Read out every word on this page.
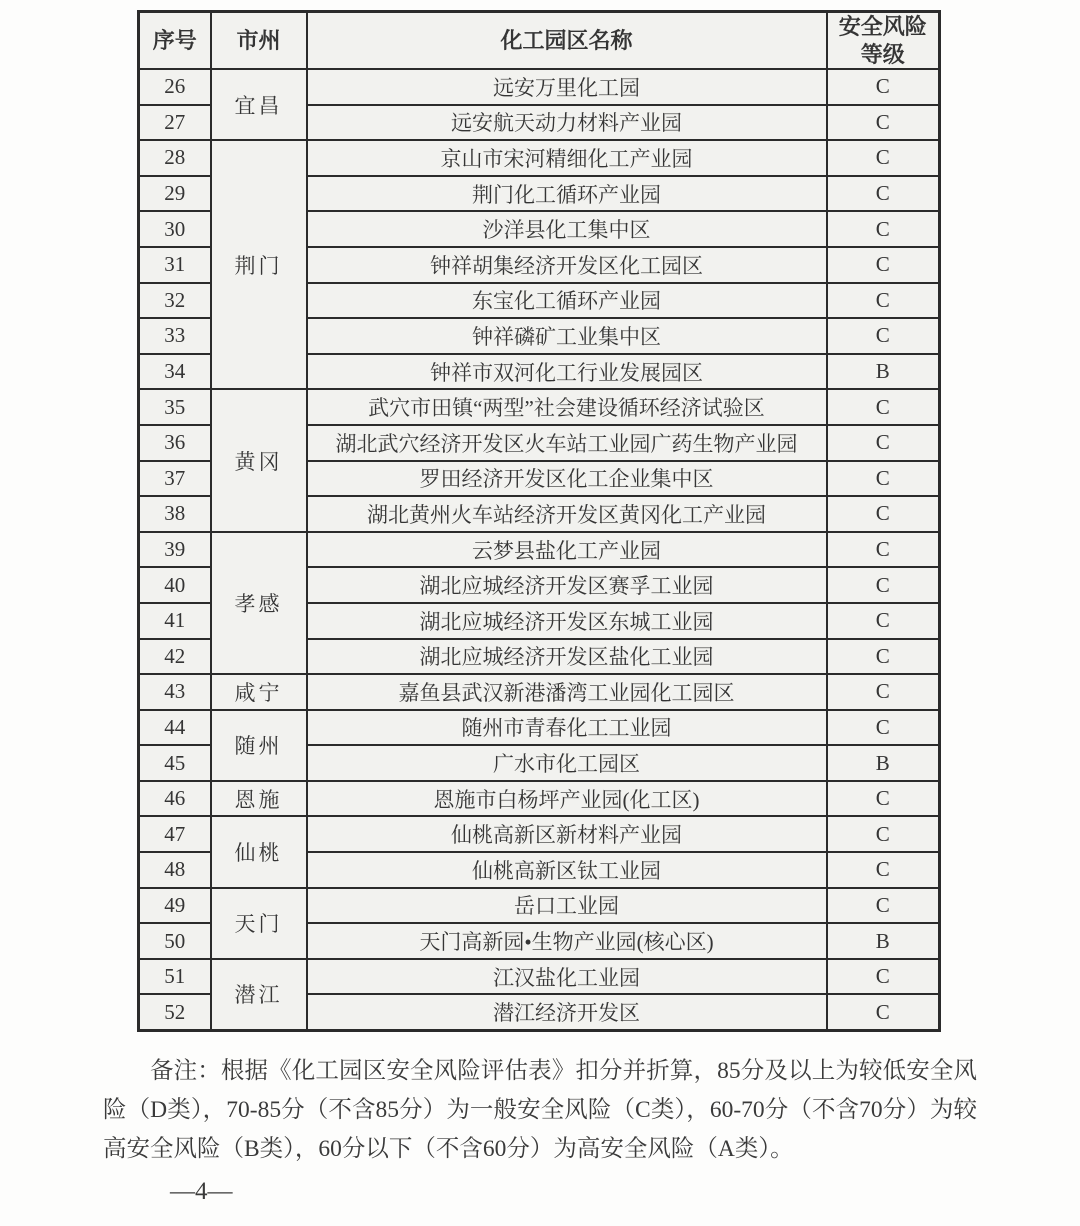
序号	市州	化工园区名称	安全风险等级
26	宜昌	远安万里化工园	C
27		远安航天动力材料产业园	C
28	荆门	京山市宋河精细化工产业园	C
29		荆门化工循环产业园	C
30		沙洋县化工集中区	C
31		钟祥胡集经济开发区化工园区	C
32		东宝化工循环产业园	C
33		钟祥磷矿工业集中区	C
34		钟祥市双河化工行业发展园区	B
35	黄冈	武穴市田镇“两型”社会建设循环经济试验区	C
36		湖北武穴经济开发区火车站工业园广药生物产业园	C
37		罗田经济开发区化工企业集中区	C
38		湖北黄州火车站经济开发区黄冈化工产业园	C
39	孝感	云梦县盐化工产业园	C
40		湖北应城经济开发区赛孚工业园	C
41		湖北应城经济开发区东城工业园	C
42		湖北应城经济开发区盐化工业园	C
43	咸宁	嘉鱼县武汉新港潘湾工业园化工园区	C
44	随州	随州市青春化工工业园	C
45		广水市化工园区	B
46	恩施	恩施市白杨坪产业园(化工区)	C
47	仙桃	仙桃高新区新材料产业园	C
48		仙桃高新区钛工业园	C
49	天门	岳口工业园	C
50		天门高新园•生物产业园(核心区)	B
51	潜江	江汉盐化工业园	C
52		潜江经济开发区	C

备注：根据《化工园区安全风险评估表》扣分并折算，85分及以上为较低安全风险（D类），70-85分（不含85分）为一般安全风险（C类），60-70分（不含70分）为较高安全风险（B类），60分以下（不含60分）为高安全风险（A类）。

—4—
